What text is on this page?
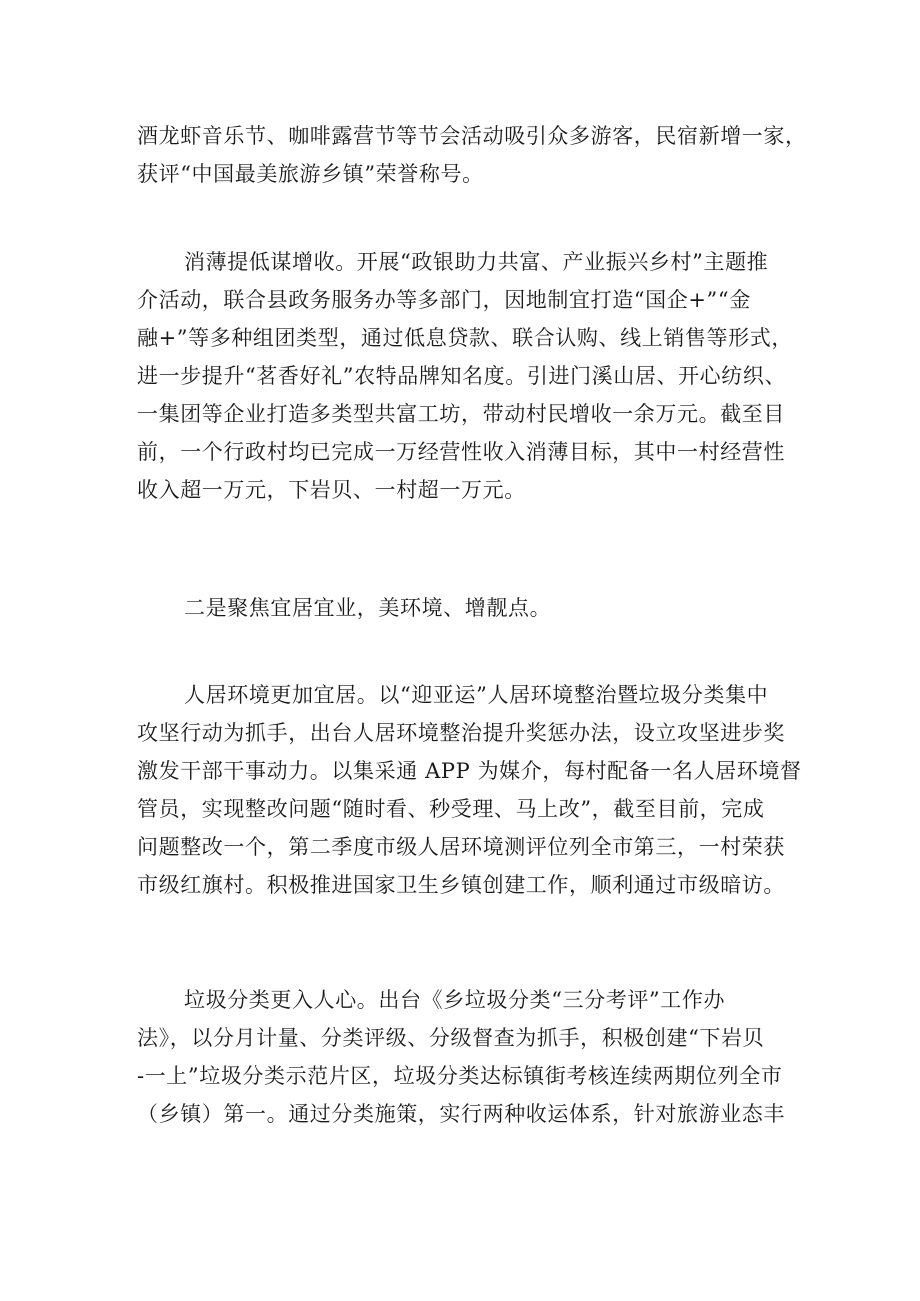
酒龙虾音乐节、咖啡露营节等节会活动吸引众多游客，民宿新增一家，
获评“中国最美旅游乡镇”荣誉称号。
消薄提低谋增收。开展“政银助力共富、产业振兴乡村”主题推
介活动，联合县政务服务办等多部门，因地制宜打造“国企+”“金
融+”等多种组团类型，通过低息贷款、联合认购、线上销售等形式，
进一步提升“茗香好礼”农特品牌知名度。引进门溪山居、开心纺织、
一集团等企业打造多类型共富工坊，带动村民增收一余万元。截至目
前，一个行政村均已完成一万经营性收入消薄目标，其中一村经营性
收入超一万元，下岩贝、一村超一万元。
二是聚焦宜居宜业，美环境、增靓点。
人居环境更加宜居。以“迎亚运”人居环境整治暨垃圾分类集中
攻坚行动为抓手，出台人居环境整治提升奖惩办法，设立攻坚进步奖
激发干部干事动力。以集采通 APP 为媒介，每村配备一名人居环境督
管员，实现整改问题“随时看、秒受理、马上改”，截至目前，完成
问题整改一个，第二季度市级人居环境测评位列全市第三，一村荣获
市级红旗村。积极推进国家卫生乡镇创建工作，顺利通过市级暗访。
垃圾分类更入人心。出台《乡垃圾分类“三分考评”工作办
法》，以分月计量、分类评级、分级督查为抓手，积极创建“下岩贝
-一上”垃圾分类示范片区，垃圾分类达标镇街考核连续两期位列全市
（乡镇）第一。通过分类施策，实行两种收运体系，针对旅游业态丰
